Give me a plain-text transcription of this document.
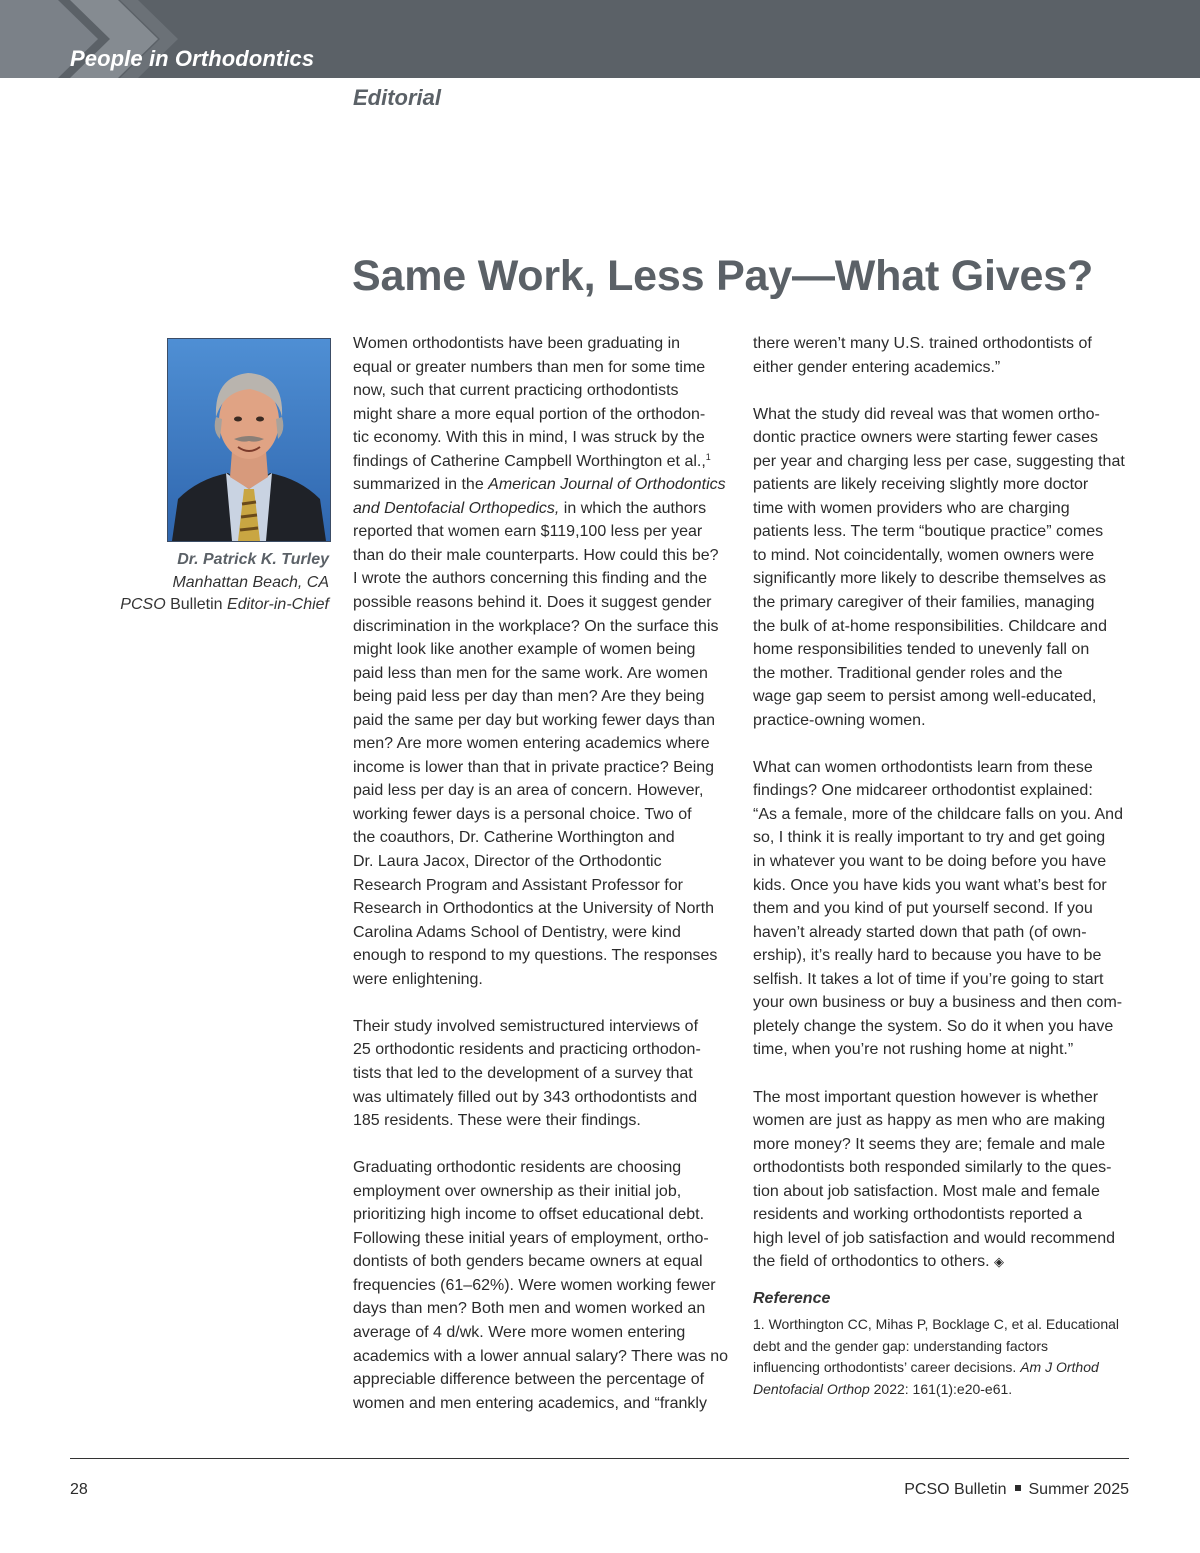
People in Orthodontics
Editorial
Same Work, Less Pay—What Gives?
Dr. Patrick K. Turley
Manhattan Beach, CA
PCSO Bulletin Editor-in-Chief
Women orthodontists have been graduating in
equal or greater numbers than men for some time
now, such that current practicing orthodontists
might share a more equal portion of the orthodon-
tic economy. With this in mind, I was struck by the
findings of Catherine Campbell Worthington et al.,$^1$
summarized in the American Journal of Orthodontics
and Dentofacial Orthopedics, in which the authors
reported that women earn $119,100 less per year
than do their male counterparts. How could this be?
I wrote the authors concerning this finding and the
possible reasons behind it. Does it suggest gender
discrimination in the workplace? On the surface this
might look like another example of women being
paid less than men for the same work. Are women
being paid less per day than men? Are they being
paid the same per day but working fewer days than
men? Are more women entering academics where
income is lower than that in private practice? Being
paid less per day is an area of concern. However,
working fewer days is a personal choice. Two of
the coauthors, Dr. Catherine Worthington and
Dr. Laura Jacox, Director of the Orthodontic
Research Program and Assistant Professor for
Research in Orthodontics at the University of North
Carolina Adams School of Dentistry, were kind
enough to respond to my questions. The responses
were enlightening.
Their study involved semistructured interviews of
25 orthodontic residents and practicing orthodon-
tists that led to the development of a survey that
was ultimately filled out by 343 orthodontists and
185 residents. These were their findings.
Graduating orthodontic residents are choosing
employment over ownership as their initial job,
prioritizing high income to offset educational debt.
Following these initial years of employment, ortho-
dontists of both genders became owners at equal
frequencies (61–62%). Were women working fewer
days than men? Both men and women worked an
average of 4 d/wk. Were more women entering
academics with a lower annual salary? There was no
appreciable difference between the percentage of
women and men entering academics, and “frankly
there weren’t many U.S. trained orthodontists of
either gender entering academics.”
What the study did reveal was that women ortho-
dontic practice owners were starting fewer cases
per year and charging less per case, suggesting that
patients are likely receiving slightly more doctor
time with women providers who are charging
patients less. The term “boutique practice” comes
to mind. Not coincidentally, women owners were
significantly more likely to describe themselves as
the primary caregiver of their families, managing
the bulk of at-home responsibilities. Childcare and
home responsibilities tended to unevenly fall on
the mother. Traditional gender roles and the
wage gap seem to persist among well-educated,
practice-owning women.
What can women orthodontists learn from these
findings? One midcareer orthodontist explained:
“As a female, more of the childcare falls on you. And
so, I think it is really important to try and get going
in whatever you want to be doing before you have
kids. Once you have kids you want what’s best for
them and you kind of put yourself second. If you
haven’t already started down that path (of own-
ership), it’s really hard to because you have to be
selfish. It takes a lot of time if you’re going to start
your own business or buy a business and then com-
pletely change the system. So do it when you have
time, when you’re not rushing home at night.”
The most important question however is whether
women are just as happy as men who are making
more money? It seems they are; female and male
orthodontists both responded similarly to the ques-
tion about job satisfaction. Most male and female
residents and working orthodontists reported a
high level of job satisfaction and would recommend
the field of orthodontics to others. ◈
Reference
1. Worthington CC, Mihas P, Bocklage C, et al. Educational
debt and the gender gap: understanding factors
influencing orthodontists’ career decisions. Am J Orthod
Dentofacial Orthop 2022: 161(1):e20-e61.
28	PCSO Bulletin Summer 2025
